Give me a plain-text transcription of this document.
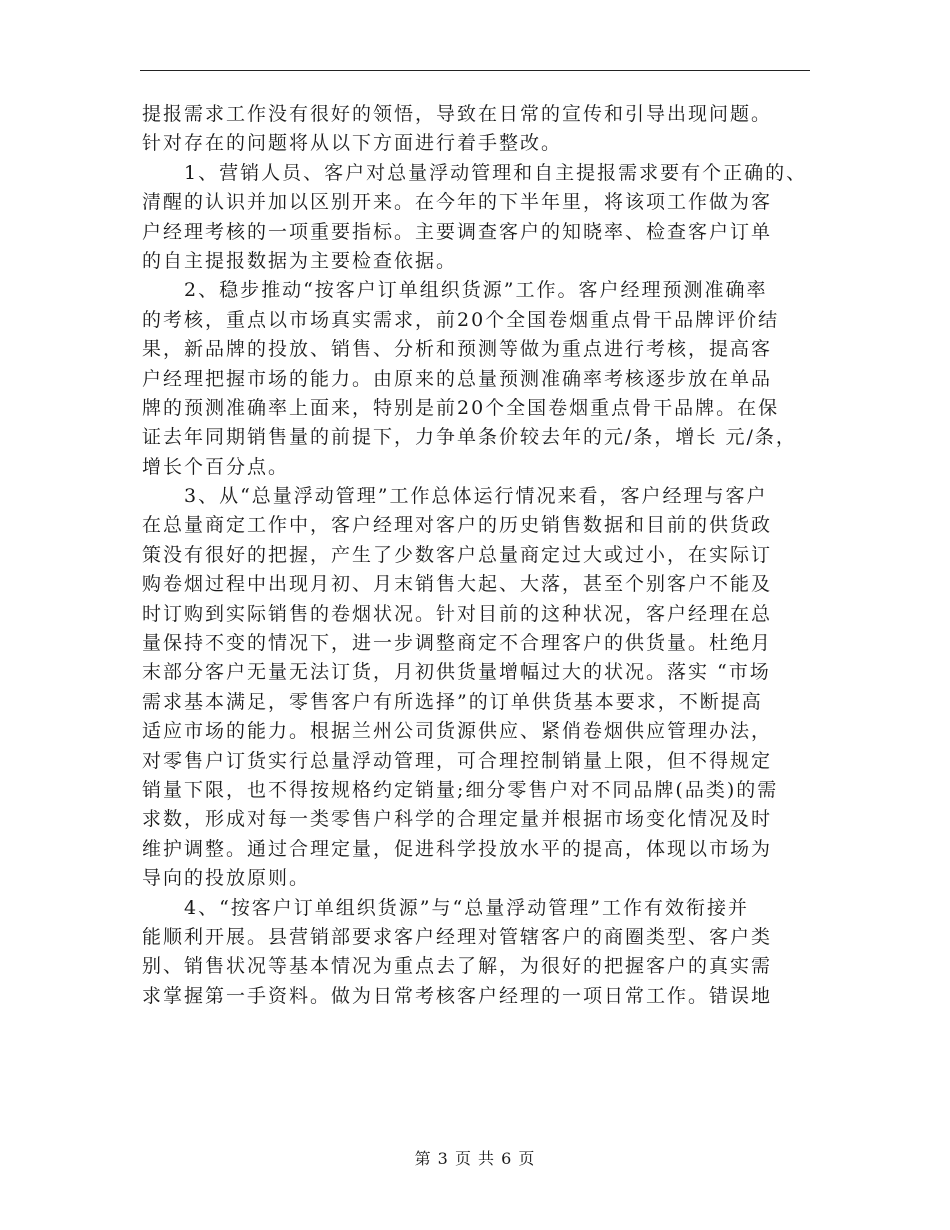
提报需求工作没有很好的领悟，导致在日常的宣传和引导出现问题。
针对存在的问题将从以下方面进行着手整改。
1、营销人员、客户对总量浮动管理和自主提报需求要有个正确的、
清醒的认识并加以区别开来。在今年的下半年里，将该项工作做为客
户经理考核的一项重要指标。主要调查客户的知晓率、检查客户订单
的自主提报数据为主要检查依据。
2、稳步推动“按客户订单组织货源”工作。客户经理预测准确率
的考核，重点以市场真实需求，前20个全国卷烟重点骨干品牌评价结
果，新品牌的投放、销售、分析和预测等做为重点进行考核，提高客
户经理把握市场的能力。由原来的总量预测准确率考核逐步放在单品
牌的预测准确率上面来，特别是前20个全国卷烟重点骨干品牌。在保
证去年同期销售量的前提下，力争单条价较去年的元/条，增长 元/条，
增长个百分点。
3、从“总量浮动管理”工作总体运行情况来看，客户经理与客户
在总量商定工作中，客户经理对客户的历史销售数据和目前的供货政
策没有很好的把握，产生了少数客户总量商定过大或过小，在实际订
购卷烟过程中出现月初、月末销售大起、大落，甚至个别客户不能及
时订购到实际销售的卷烟状况。针对目前的这种状况，客户经理在总
量保持不变的情况下，进一步调整商定不合理客户的供货量。杜绝月
末部分客户无量无法订货，月初供货量增幅过大的状况。落实 “市场
需求基本满足，零售客户有所选择”的订单供货基本要求，不断提高
适应市场的能力。根据兰州公司货源供应、紧俏卷烟供应管理办法，
对零售户订货实行总量浮动管理，可合理控制销量上限，但不得规定
销量下限，也不得按规格约定销量;细分零售户对不同品牌(品类)的需
求数，形成对每一类零售户科学的合理定量并根据市场变化情况及时
维护调整。通过合理定量，促进科学投放水平的提高，体现以市场为
导向的投放原则。
4、“按客户订单组织货源”与“总量浮动管理”工作有效衔接并
能顺利开展。县营销部要求客户经理对管辖客户的商圈类型、客户类
别、销售状况等基本情况为重点去了解，为很好的把握客户的真实需
求掌握第一手资料。做为日常考核客户经理的一项日常工作。错误地
第 3 页 共 6 页
